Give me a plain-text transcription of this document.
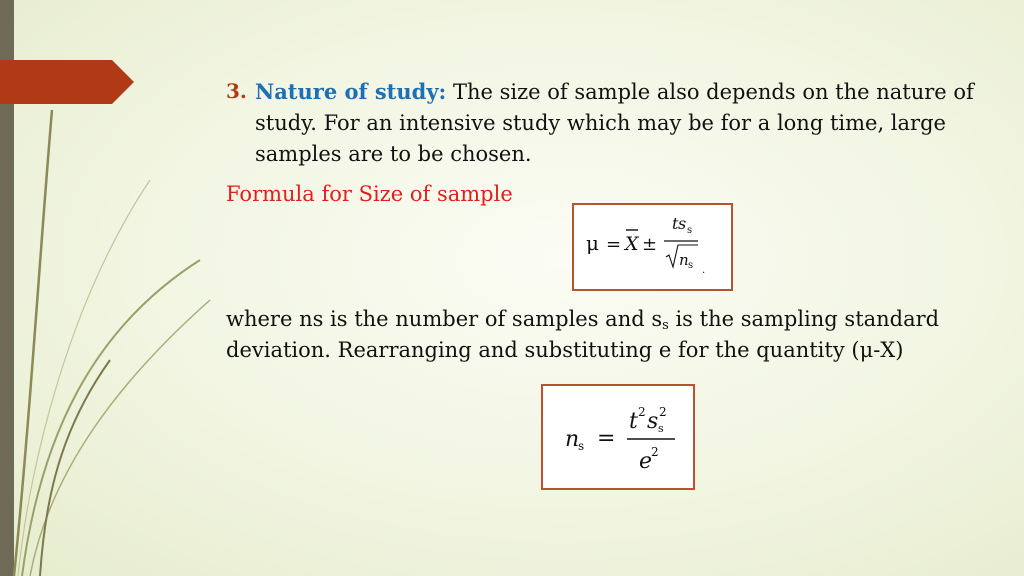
3. Nature of study: The size of sample also depends on the nature of study. For an intensive study which may be for a long time, large samples are to be chosen.
Formula for Size of sample
μ = X ±
t s s
n s .
where ns is the number of samples and $s_s$ is the sampling standard deviation. Rearranging and substituting e for the quantity (μ-X)
n
s =
t 2 s s
2
e
2
